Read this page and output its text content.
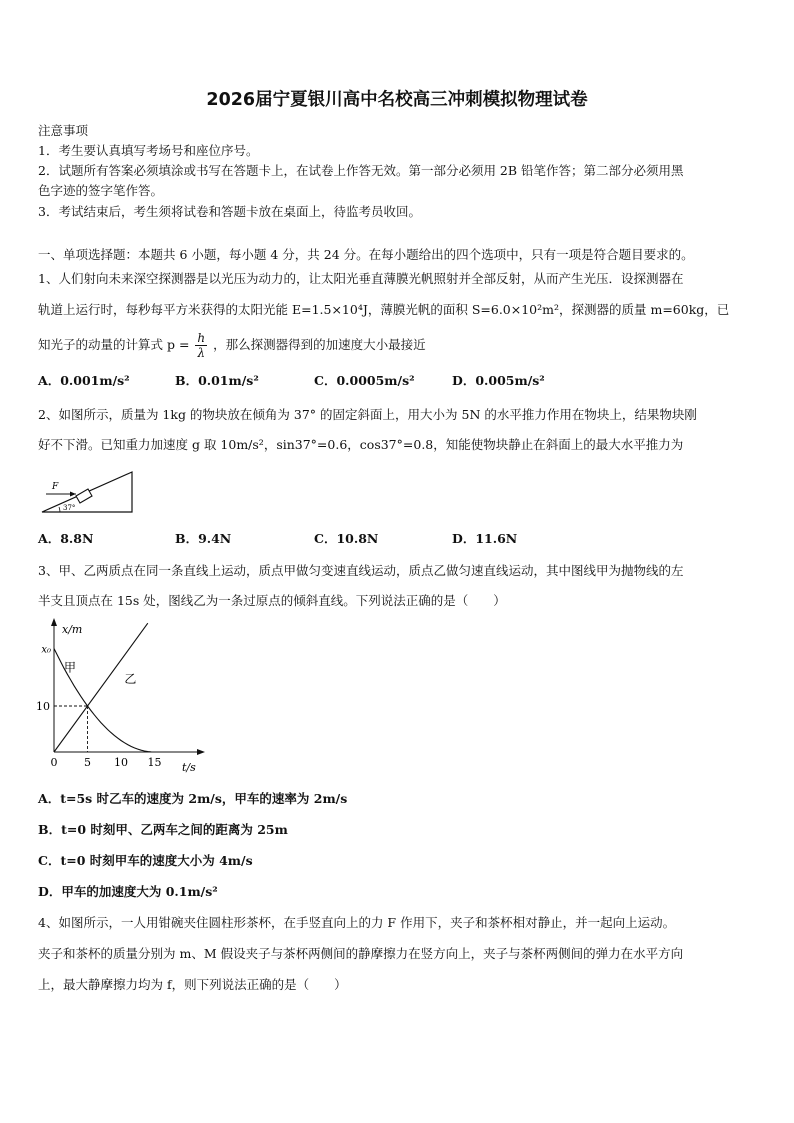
2026届宁夏银川高中名校高三冲刺模拟物理试卷
注意事项
1．考生要认真填写考场号和座位序号。
2．试题所有答案必须填涂或书写在答题卡上，在试卷上作答无效。第一部分必须用 2B 铅笔作答；第二部分必须用黑
色字迹的签字笔作答。
3．考试结束后，考生须将试卷和答题卡放在桌面上，待监考员收回。
一、单项选择题：本题共 6 小题，每小题 4 分，共 24 分。在每小题给出的四个选项中，只有一项是符合题目要求的。
1、人们射向未来深空探测器是以光压为动力的，让太阳光垂直薄膜光帆照射并全部反射，从而产生光压．设探测器在
轨道上运行时，每秒每平方米获得的太阳光能 E=1.5×10⁴J，薄膜光帆的面积 S=6.0×10²m²，探测器的质量 m=60kg，已
知光子的动量的计算式 $p = \frac{h}{\lambda}$ ，那么探测器得到的加速度大小最接近
A．0.001m/s²	B．0.01m/s²	C．0.0005m/s²	D．0.005m/s²
2、如图所示，质量为 1kg 的物块放在倾角为 37° 的固定斜面上，用大小为 5N 的水平推力作用在物块上，结果物块刚
好不下滑。已知重力加速度 g 取 10m/s²，sin37°=0.6，cos37°=0.8，知能使物块静止在斜面上的最大水平推力为
F
37°
A．8.8N	B．9.4N	C．10.8N	D．11.6N
3、甲、乙两质点在同一条直线上运动，质点甲做匀变速直线运动，质点乙做匀速直线运动，其中图线甲为抛物线的左
半支且顶点在 15s 处，图线乙为一条过原点的倾斜直线。下列说法正确的是（　　）
x/m
t/s
0 5 10 15
x₀
10
甲
乙
A．t=5s 时乙车的速度为 2m/s，甲车的速率为 2m/s
B．t=0 时刻甲、乙两车之间的距离为 25m
C．t=0 时刻甲车的速度大小为 4m/s
D．甲车的加速度大为 0.1m/s²
4、如图所示，一人用钳碗夹住圆柱形茶杯，在手竖直向上的力 F 作用下，夹子和茶杯相对静止，并一起向上运动。
夹子和茶杯的质量分别为 m、M 假设夹子与茶杯两侧间的静摩擦力在竖方向上，夹子与茶杯两侧间的弹力在水平方向
上，最大静摩擦力均为 f，则下列说法正确的是（　　）
